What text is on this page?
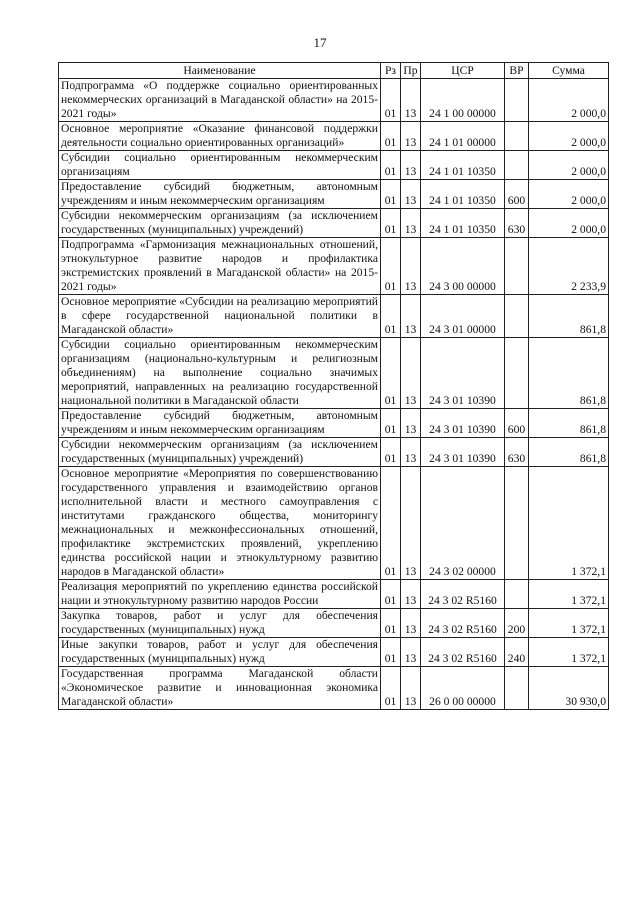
17
Наименование	Рз	Пр	ЦСР	ВР	Сумма
Подпрограмма «О поддержке социально ориентированных некоммерческих организаций в Магаданской области» на 2015-2021 годы»	01	13	24 1 00 00000		2 000,0
Основное мероприятие «Оказание финансовой поддержки деятельности социально ориентированных организаций»	01	13	24 1 01 00000		2 000,0
Субсидии социально ориентированным некоммерческим организациям	01	13	24 1 01 10350		2 000,0
Предоставление субсидий бюджетным, автономным учреждениям и иным некоммерческим организациям	01	13	24 1 01 10350	600	2 000,0
Субсидии некоммерческим организациям (за исключением государственных (муниципальных) учреждений)	01	13	24 1 01 10350	630	2 000,0
Подпрограмма «Гармонизация межнациональных отношений, этнокультурное развитие народов и профилактика экстремистских проявлений в Магаданской области» на 2015-2021 годы»	01	13	24 3 00 00000		2 233,9
Основное мероприятие «Субсидии на реализацию мероприятий в сфере государственной национальной политики в Магаданской области»	01	13	24 3 01 00000		861,8
Субсидии социально ориентированным некоммерческим организациям (национально-культурным и религиозным объединениям) на выполнение социально значимых мероприятий, направленных на реализацию государственной национальной политики в Магаданской области	01	13	24 3 01 10390		861,8
Предоставление субсидий бюджетным, автономным учреждениям и иным некоммерческим организациям	01	13	24 3 01 10390	600	861,8
Субсидии некоммерческим организациям (за исключением государственных (муниципальных) учреждений)	01	13	24 3 01 10390	630	861,8
Основное мероприятие «Мероприятия по совершенствованию государственного управления и взаимодействию органов исполнительной власти и местного самоуправления с институтами гражданского общества, мониторингу межнациональных и межконфессиональных отношений, профилактике экстремистских проявлений, укреплению единства российской нации и этнокультурному развитию народов в Магаданской области»	01	13	24 3 02 00000		1 372,1
Реализация мероприятий по укреплению единства российской нации и этнокультурному развитию народов России	01	13	24 3 02 R5160		1 372,1
Закупка товаров, работ и услуг для обеспечения государственных (муниципальных) нужд	01	13	24 3 02 R5160	200	1 372,1
Иные закупки товаров, работ и услуг для обеспечения государственных (муниципальных) нужд	01	13	24 3 02 R5160	240	1 372,1
Государственная программа Магаданской области «Экономическое развитие и инновационная экономика Магаданской области»	01	13	26 0 00 00000		30 930,0
